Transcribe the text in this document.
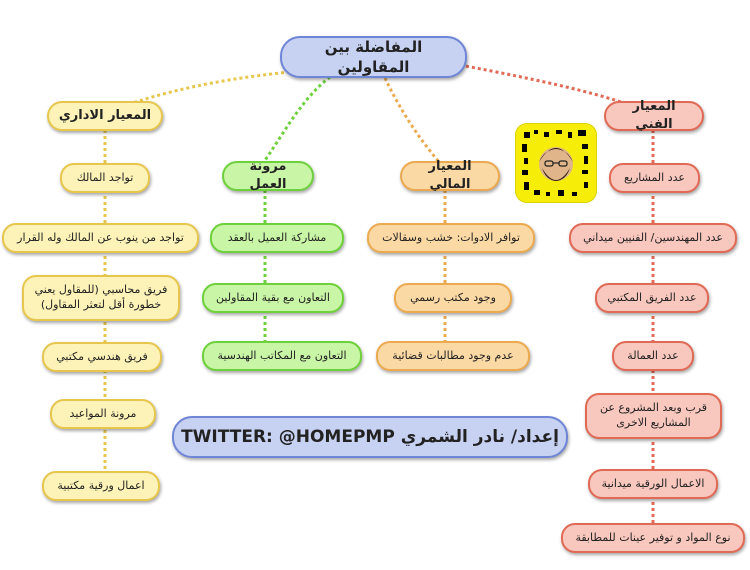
المفاضلة بين المقاولين
المعيار الاداري
تواجد المالك
تواجد من ينوب عن المالك وله القرار
فريق محاسبي (للمقاول يعني خطورة أقل لتعثر المقاول)
فريق هندسي مكتبي
مرونة المواعيد
اعمال ورقية مكتبية
مرونة العمل
مشاركة العميل بالعقد
التعاون مع بقية المقاولين
التعاون مع المكاتب الهندسية
المعيار المالي
توافر الادوات: خشب وسقالات
وجود مكتب رسمي
عدم وجود مطالبات قضائية
المعيار الفني
عدد المشاريع
عدد المهندسين/ الفنيين ميداني
عدد الفريق المكتبي
عدد العمالة
قرب وبعد المشروع عن المشاريع الاخرى
الاعمال الورقية ميدانية
نوع المواد و توفير عينات للمطابقة
إعداد/ نادر الشمري TWITTER: @HOMEPMP
